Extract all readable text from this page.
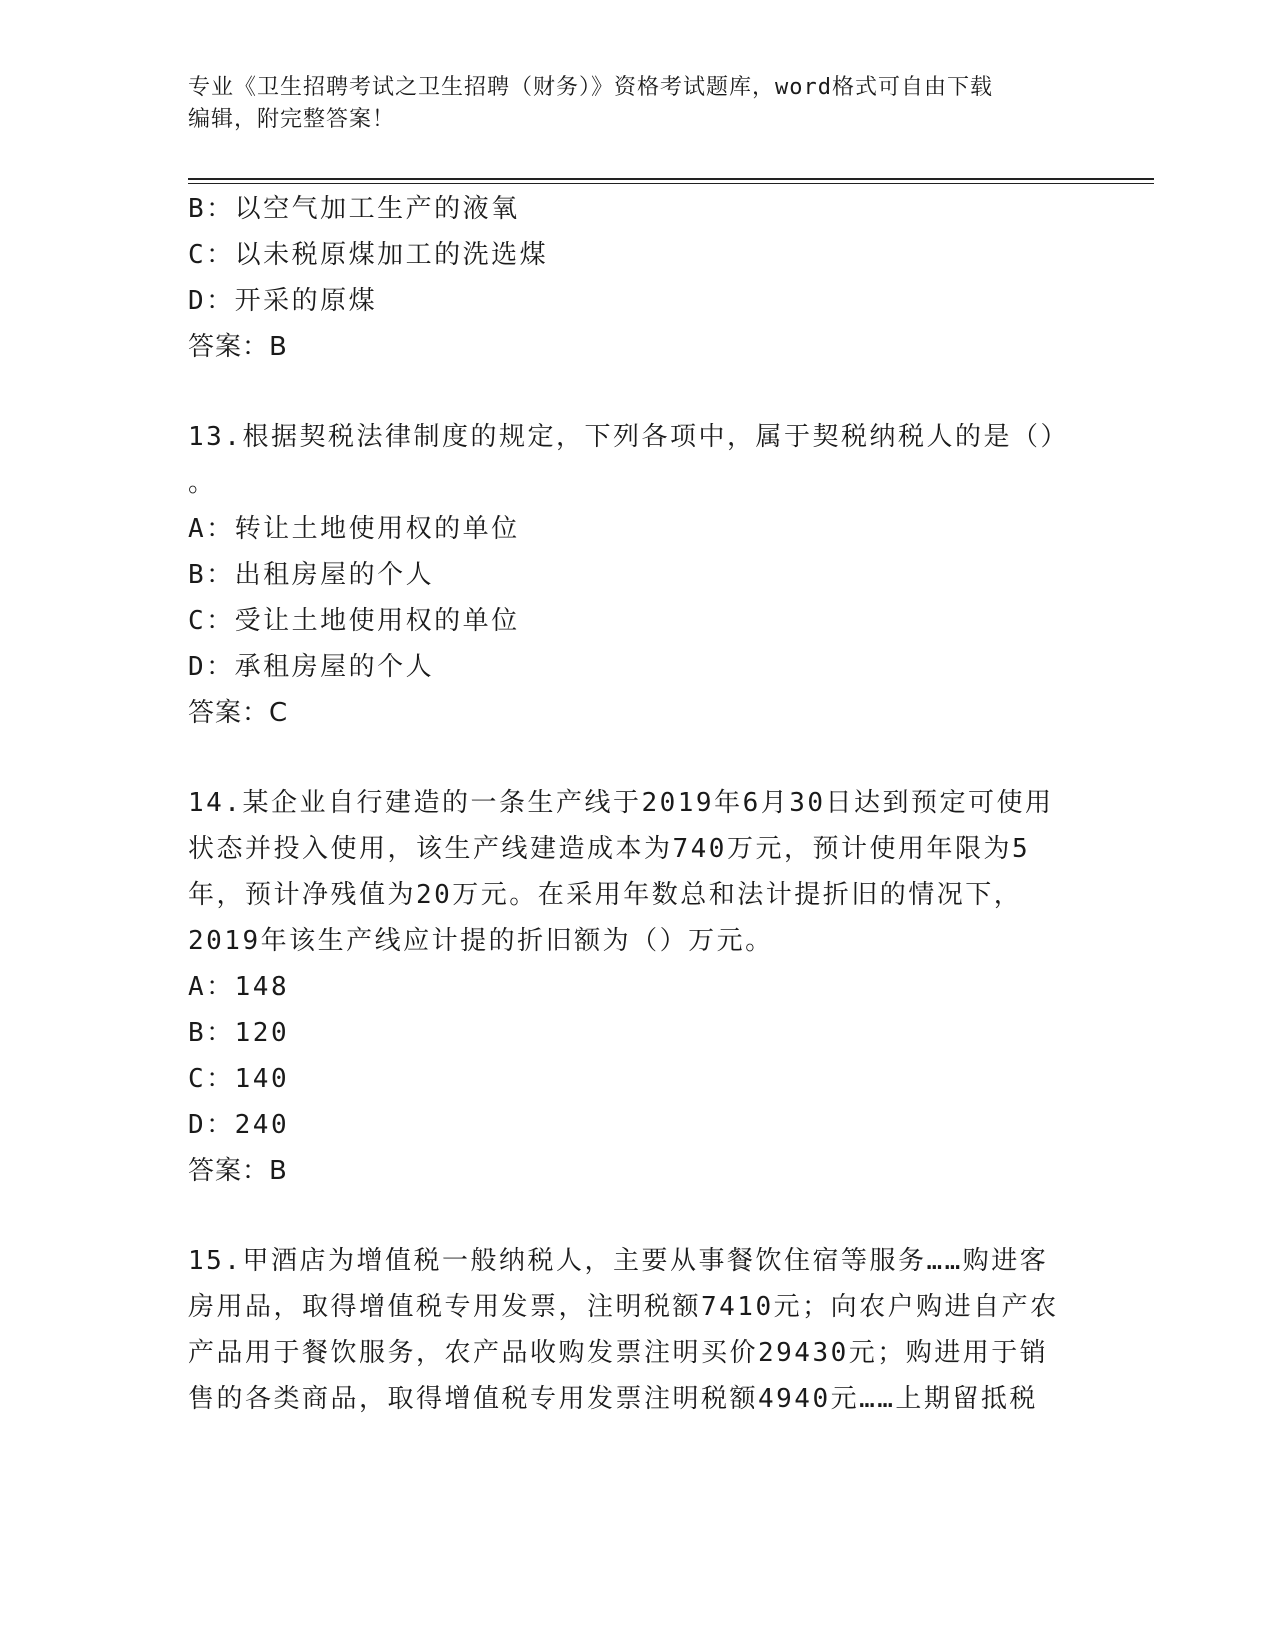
专业《卫生招聘考试之卫生招聘（财务）》资格考试题库，word格式可自由下载
编辑，附完整答案！
B：以空气加工生产的液氧
C：以未税原煤加工的洗选煤
D：开采的原煤
答案：B
13.根据契税法律制度的规定，下列各项中，属于契税纳税人的是（）
。
A：转让土地使用权的单位
B：出租房屋的个人
C：受让土地使用权的单位
D：承租房屋的个人
答案：C
14.某企业自行建造的一条生产线于2019年6月30日达到预定可使用
状态并投入使用，该生产线建造成本为740万元，预计使用年限为5
年，预计净残值为20万元。在采用年数总和法计提折旧的情况下，
2019年该生产线应计提的折旧额为（）万元。
A：148
B：120
C：140
D：240
答案：B
15.甲酒店为增值税一般纳税人，主要从事餐饮住宿等服务……购进客
房用品，取得增值税专用发票，注明税额7410元；向农户购进自产农
产品用于餐饮服务，农产品收购发票注明买价29430元；购进用于销
售的各类商品，取得增值税专用发票注明税额4940元……上期留抵税
